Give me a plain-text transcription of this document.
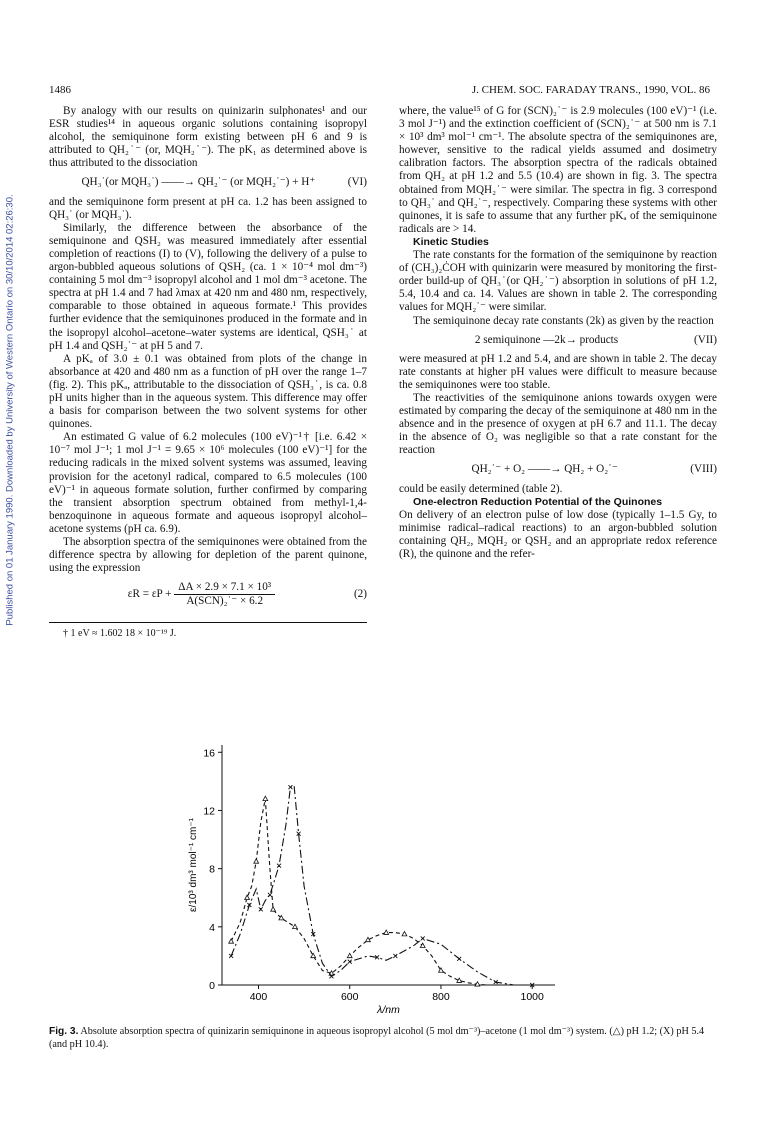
Published on 01 January 1990. Downloaded by University of Western Ontario on 30/10/2014 02:26:30.
1486	J. CHEM. SOC. FARADAY TRANS., 1990, VOL. 86

By analogy with our results on quinizarin sulphonates¹ and our ESR studies¹⁴ in aqueous organic solutions containing isopropyl alcohol, the semiquinone form existing between pH 6 and 9 is attributed to QH₂˙⁻ (or, MQH₂˙⁻). The pK₁ as determined above is thus attributed to the dissociation

QH₃˙(or MQH₃˙) ——→ QH₂˙⁻ (or MQH₂˙⁻) + H⁺	(VI)

and the semiquinone form present at pH ca. 1.2 has been assigned to QH₃˙ (or MQH₃˙).

Similarly, the difference between the absorbance of the semiquinone and QSH₂ was measured immediately after essential completion of reactions (I) to (V), following the delivery of a pulse to argon-bubbled aqueous solutions of QSH₂ (ca. 1 × 10⁻⁴ mol dm⁻³) containing 5 mol dm⁻³ isopropyl alcohol and 1 mol dm⁻³ acetone. The spectra at pH 1.4 and 7 had λmax at 420 nm and 480 nm, respectively, comparable to those obtained in aqueous formate.¹ This provides further evidence that the semiquinones produced in the formate and in the isopropyl alcohol–acetone–water systems are identical, QSH₃˙ at pH 1.4 and QSH₂˙⁻ at pH 5 and 7.

A pKₐ of 3.0 ± 0.1 was obtained from plots of the change in absorbance at 420 and 480 nm as a function of pH over the range 1–7 (fig. 2). This pKₐ, attributable to the dissociation of QSH₃˙, is ca. 0.8 pH units higher than in the aqueous system. This difference may offer a basis for comparison between the two solvent systems for other quinones.

An estimated G value of 6.2 molecules (100 eV)⁻¹† [i.e. 6.42 × 10⁻⁷ mol J⁻¹; 1 mol J⁻¹ = 9.65 × 10⁶ molecules (100 eV)⁻¹] for the reducing radicals in the mixed solvent systems was assumed, leaving provision for the acetonyl radical, compared to 6.5 molecules (100 eV)⁻¹ in aqueous formate solution, further confirmed by comparing the transient absorption spectrum obtained from methyl-1,4-benzoquinone in aqueous formate and aqueous isopropyl alcohol–acetone systems (pH ca. 6.9).

The absorption spectra of the semiquinones were obtained from the difference spectra by allowing for depletion of the parent quinone, using the expression

$\varepsilon R = \varepsilon P + \frac{\text{ΔA × 2.9 × 7.1 × 10³}}{\text{A(SCN)₂˙⁻ × 6.2}}$	(2)

† 1 eV ≈ 1.602 18 × 10⁻¹⁹ J.

where, the value¹⁵ of G for (SCN)₂˙⁻ is 2.9 molecules (100 eV)⁻¹ (i.e. 3 mol J⁻¹) and the extinction coefficient of (SCN)₂˙⁻ at 500 nm is 7.1 × 10³ dm³ mol⁻¹ cm⁻¹. The absolute spectra of the semiquinones are, however, sensitive to the radical yields assumed and dosimetry calibration factors. The absorption spectra of the radicals obtained from QH₂ at pH 1.2 and 5.5 (10.4) are shown in fig. 3. The spectra obtained from MQH₂˙⁻ were similar. The spectra in fig. 3 correspond to QH₃˙ and QH₂˙⁻, respectively. Comparing these systems with other quinones, it is safe to assume that any further pKₐ of the semiquinone radicals are > 14.

Kinetic Studies

The rate constants for the formation of the semiquinone by reaction of (CH₃)₂ĊOH with quinizarin were measured by monitoring the first-order build-up of QH₃˙(or QH₂˙⁻) absorption in solutions of pH 1.2, 5.4, 10.4 and ca. 14. Values are shown in table 2. The corresponding values for MQH₂˙⁻ were similar.

The semiquinone decay rate constants (2k) as given by the reaction

2 semiquinone —2k→ products	(VII)

were measured at pH 1.2 and 5.4, and are shown in table 2. The decay rate constants at higher pH values were difficult to measure because the semiquinones were too stable.

The reactivities of the semiquinone anions towards oxygen were estimated by comparing the decay of the semiquinone at 480 nm in the absence and in the presence of oxygen at pH 6.7 and 11.1. The decay in the absence of O₂ was negligible so that a rate constant for the reaction

QH₂˙⁻ + O₂ ——→ QH₂ + O₂˙⁻	(VIII)

could be easily determined (table 2).

One-electron Reduction Potential of the Quinones

On delivery of an electron pulse of low dose (typically 1–1.5 Gy, to minimise radical–radical reactions) to an argon-bubbled solution containing QH₂, MQH₂ or QSH₂ and an appropriate redox reference (R), the quinone and the refer-

0
4
8
12
16
400	600	800	1000
λ/nm
ε/10³ dm³ mol⁻¹ cm⁻¹
Fig. 3. Absolute absorption spectra of quinizarin semiquinone in aqueous isopropyl alcohol (5 mol dm⁻³)–acetone (1 mol dm⁻³) system. (△) pH 1.2; (X) pH 5.4 (and pH 10.4).
